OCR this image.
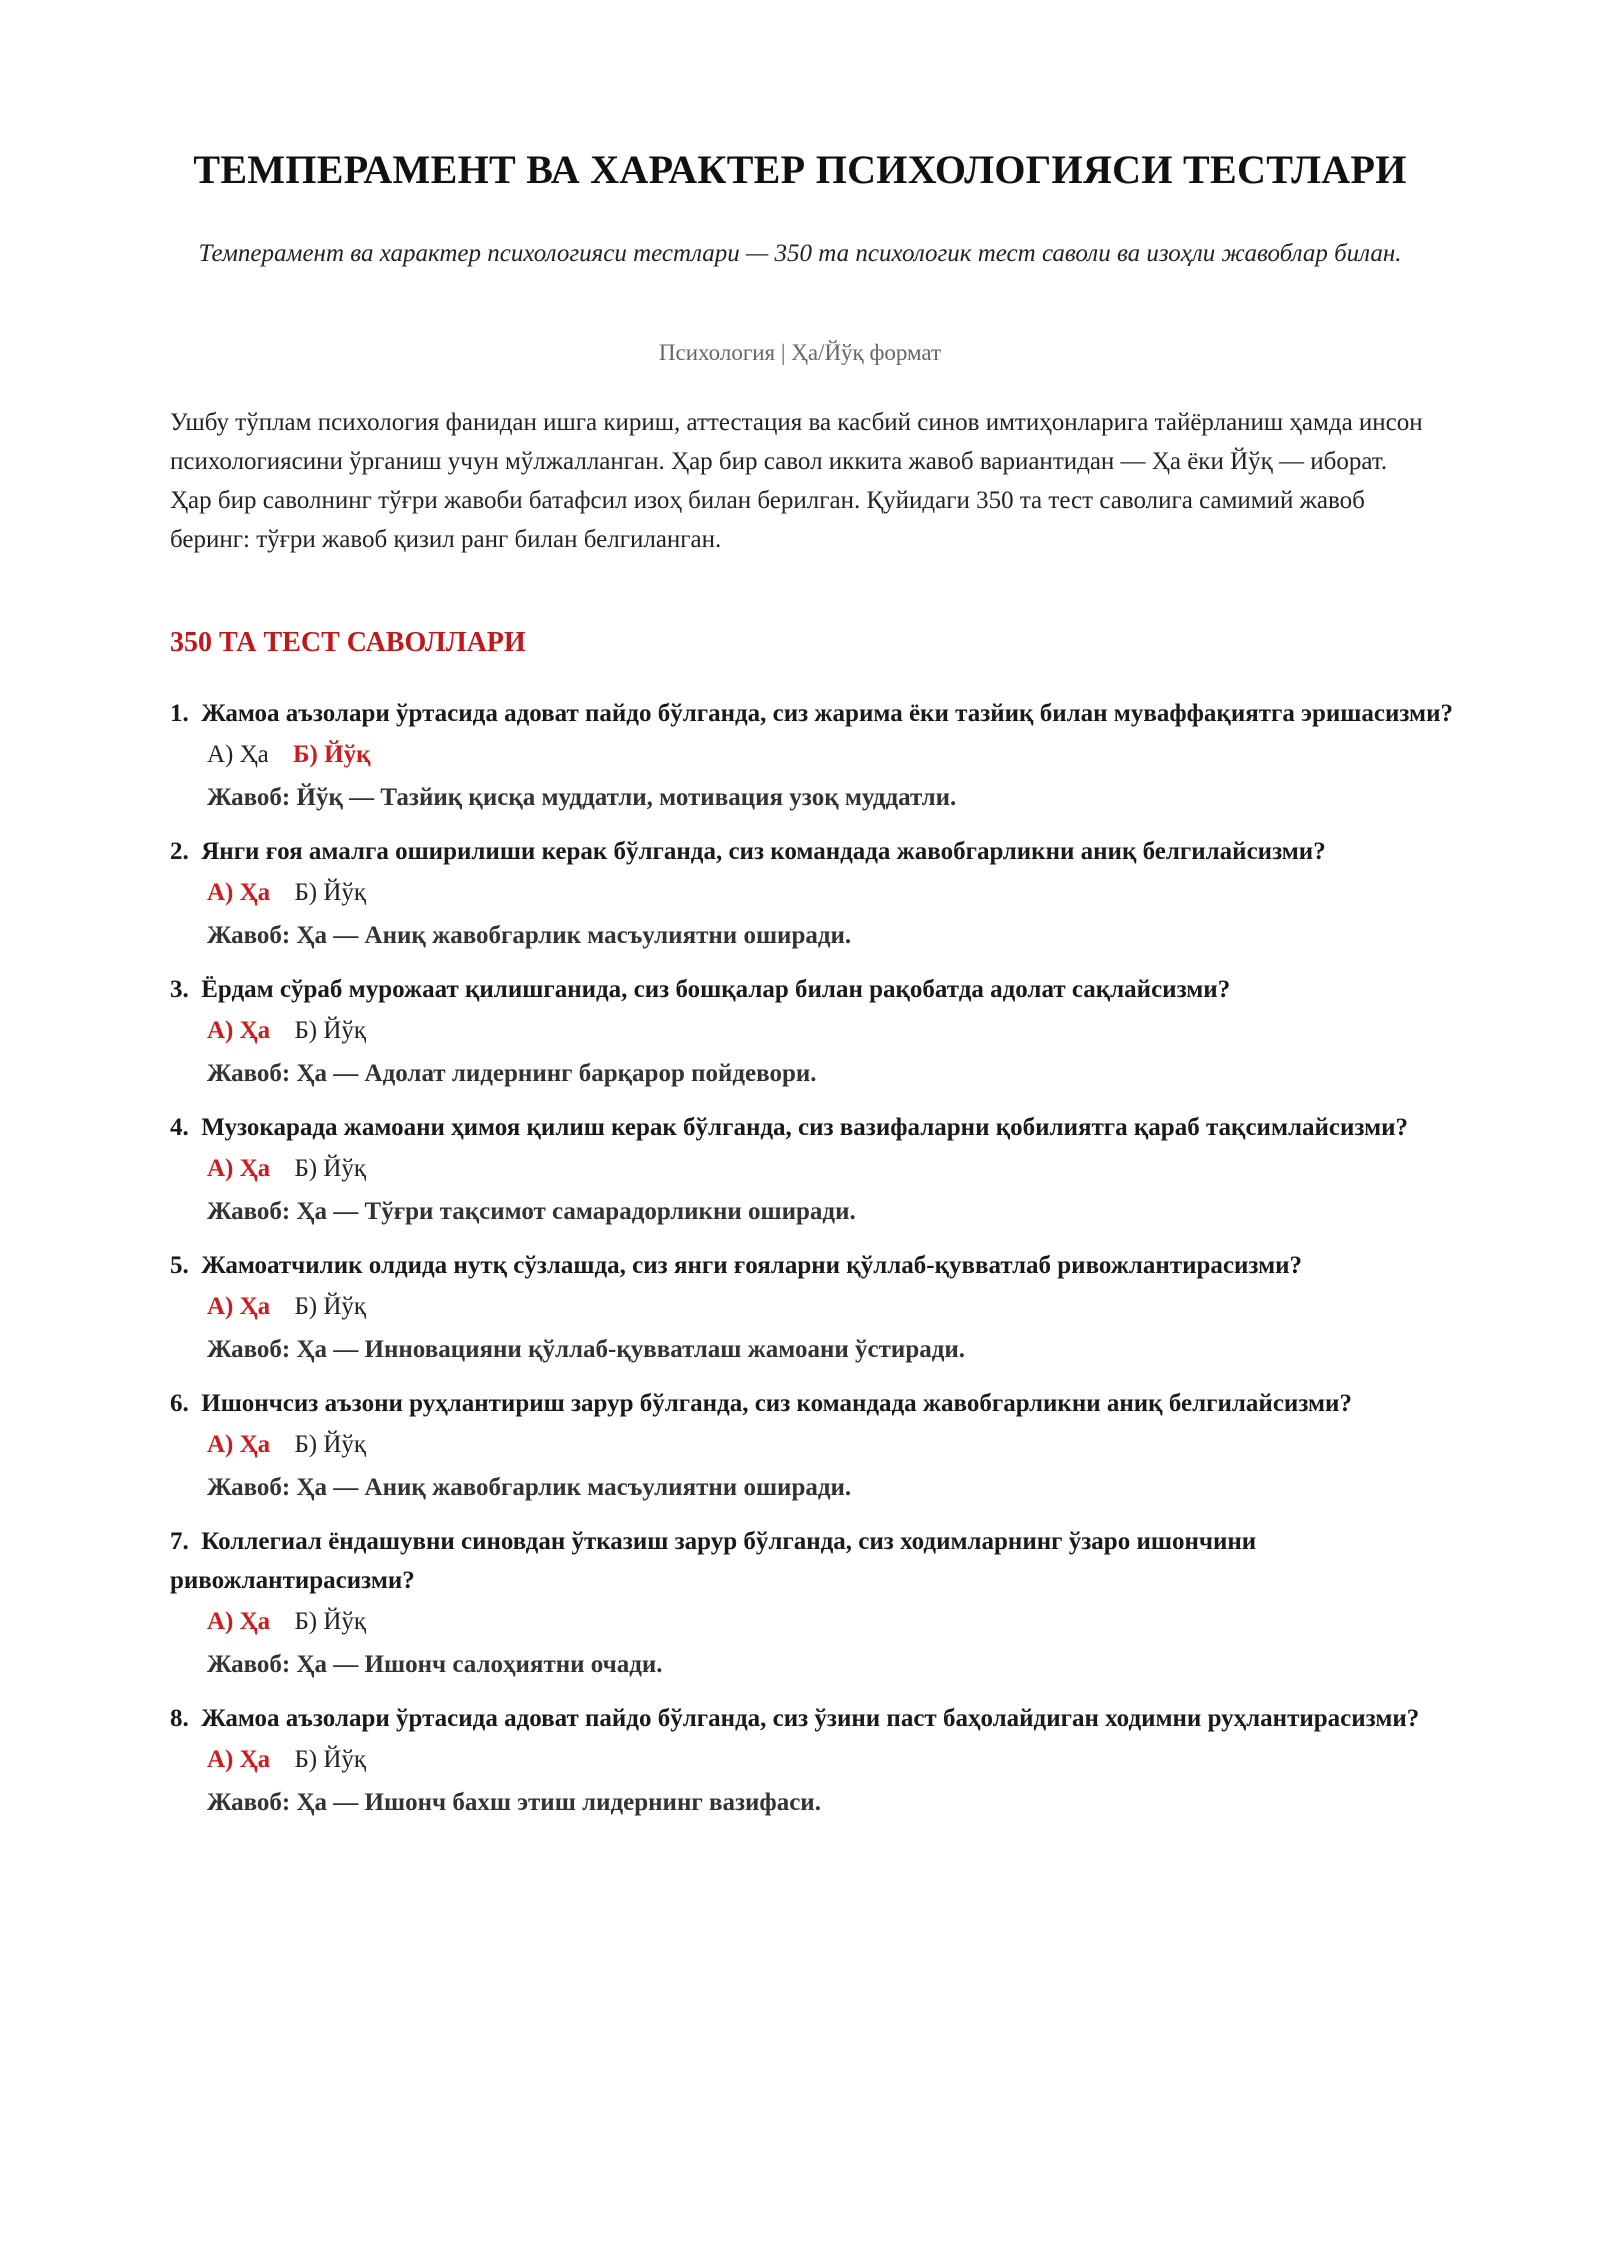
ТЕМПЕРАМЕНТ ВА ХАРАКТЕР ПСИХОЛОГИЯСИ ТЕСТЛАРИ
Темперамент ва характер психологияси тестлари — 350 та психологик тест саволи ва изоҳли жавоблар билан.
Психология | Ҳа/Йўқ формат
Ушбу тўплам психология фанидан ишга кириш, аттестация ва касбий синов имтиҳонларига тайёрланиш ҳамда инсон психологиясини ўрганиш учун мўлжалланган. Ҳар бир савол иккита жавоб вариантидан — Ҳа ёки Йўқ — иборат. Ҳар бир саволнинг тўғри жавоби батафсил изоҳ билан берилган. Қуйидаги 350 та тест саволига самимий жавоб беринг: тўғри жавоб қизил ранг билан белгиланган.
350 ТА ТЕСТ САВОЛЛАРИ
1. Жамоа аъзолари ўртасида адоват пайдо бўлганда, сиз жарима ёки тазйиқ билан муваффақиятга эришасизми?
А) Ҳа Б) Йўқ
Жавоб: Йўқ — Тазйиқ қисқа муддатли, мотивация узоқ муддатли.
2. Янги ғоя амалга оширилиши керак бўлганда, сиз командада жавобгарликни аниқ белгилайсизми?
А) Ҳа Б) Йўқ
Жавоб: Ҳа — Аниқ жавобгарлик масъулиятни оширади.
3. Ёрдам сўраб мурожаат қилишганида, сиз бошқалар билан рақобатда адолат сақлайсизми?
А) Ҳа Б) Йўқ
Жавоб: Ҳа — Адолат лидернинг барқарор пойдевори.
4. Музокарада жамоани ҳимоя қилиш керак бўлганда, сиз вазифаларни қобилиятга қараб тақсимлайсизми?
А) Ҳа Б) Йўқ
Жавоб: Ҳа — Тўғри тақсимот самарадорликни оширади.
5. Жамоатчилик олдида нутқ сўзлашда, сиз янги ғояларни қўллаб-қувватлаб ривожлантирасизми?
А) Ҳа Б) Йўқ
Жавоб: Ҳа — Инновацияни қўллаб-қувватлаш жамоани ўстиради.
6. Ишончсиз аъзони руҳлантириш зарур бўлганда, сиз командада жавобгарликни аниқ белгилайсизми?
А) Ҳа Б) Йўқ
Жавоб: Ҳа — Аниқ жавобгарлик масъулиятни оширади.
7. Коллегиал ёндашувни синовдан ўтказиш зарур бўлганда, сиз ходимларнинг ўзаро ишончини ривожлантирасизми?
А) Ҳа Б) Йўқ
Жавоб: Ҳа — Ишонч салоҳиятни очади.
8. Жамоа аъзолари ўртасида адоват пайдо бўлганда, сиз ўзини паст баҳолайдиган ходимни руҳлантирасизми?
А) Ҳа Б) Йўқ
Жавоб: Ҳа — Ишонч бахш этиш лидернинг вазифаси.
